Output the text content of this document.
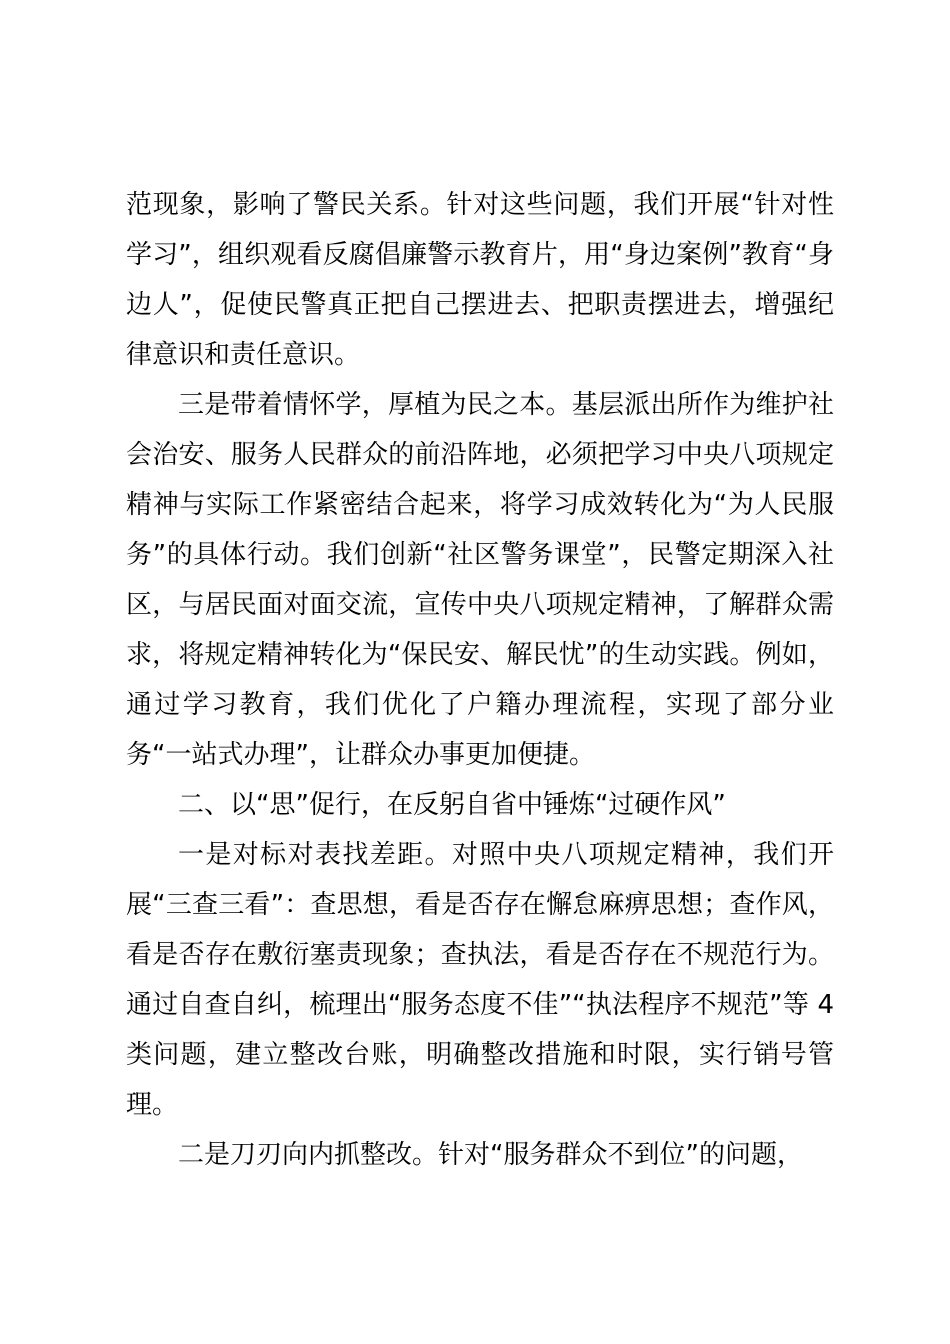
范现象，影响了警民关系。针对这些问题，我们开展“针对性学习”，组织观看反腐倡廉警示教育片，用“身边案例”教育“身边人”，促使民警真正把自己摆进去、把职责摆进去，增强纪律意识和责任意识。

三是带着情怀学，厚植为民之本。基层派出所作为维护社会治安、服务人民群众的前沿阵地，必须把学习中央八项规定精神与实际工作紧密结合起来，将学习成效转化为“为人民服务”的具体行动。我们创新“社区警务课堂”，民警定期深入社区，与居民面对面交流，宣传中央八项规定精神，了解群众需求，将规定精神转化为“保民安、解民忧”的生动实践。例如，通过学习教育，我们优化了户籍办理流程，实现了部分业务“一站式办理”，让群众办事更加便捷。

二、以“思”促行，在反躬自省中锤炼“过硬作风”

一是对标对表找差距。对照中央八项规定精神，我们开展“三查三看”：查思想，看是否存在懈怠麻痹思想；查作风，看是否存在敷衍塞责现象；查执法，看是否存在不规范行为。通过自查自纠，梳理出“服务态度不佳”“执法程序不规范”等 4 类问题，建立整改台账，明确整改措施和时限，实行销号管理。

二是刀刃向内抓整改。针对“服务群众不到位”的问题，
